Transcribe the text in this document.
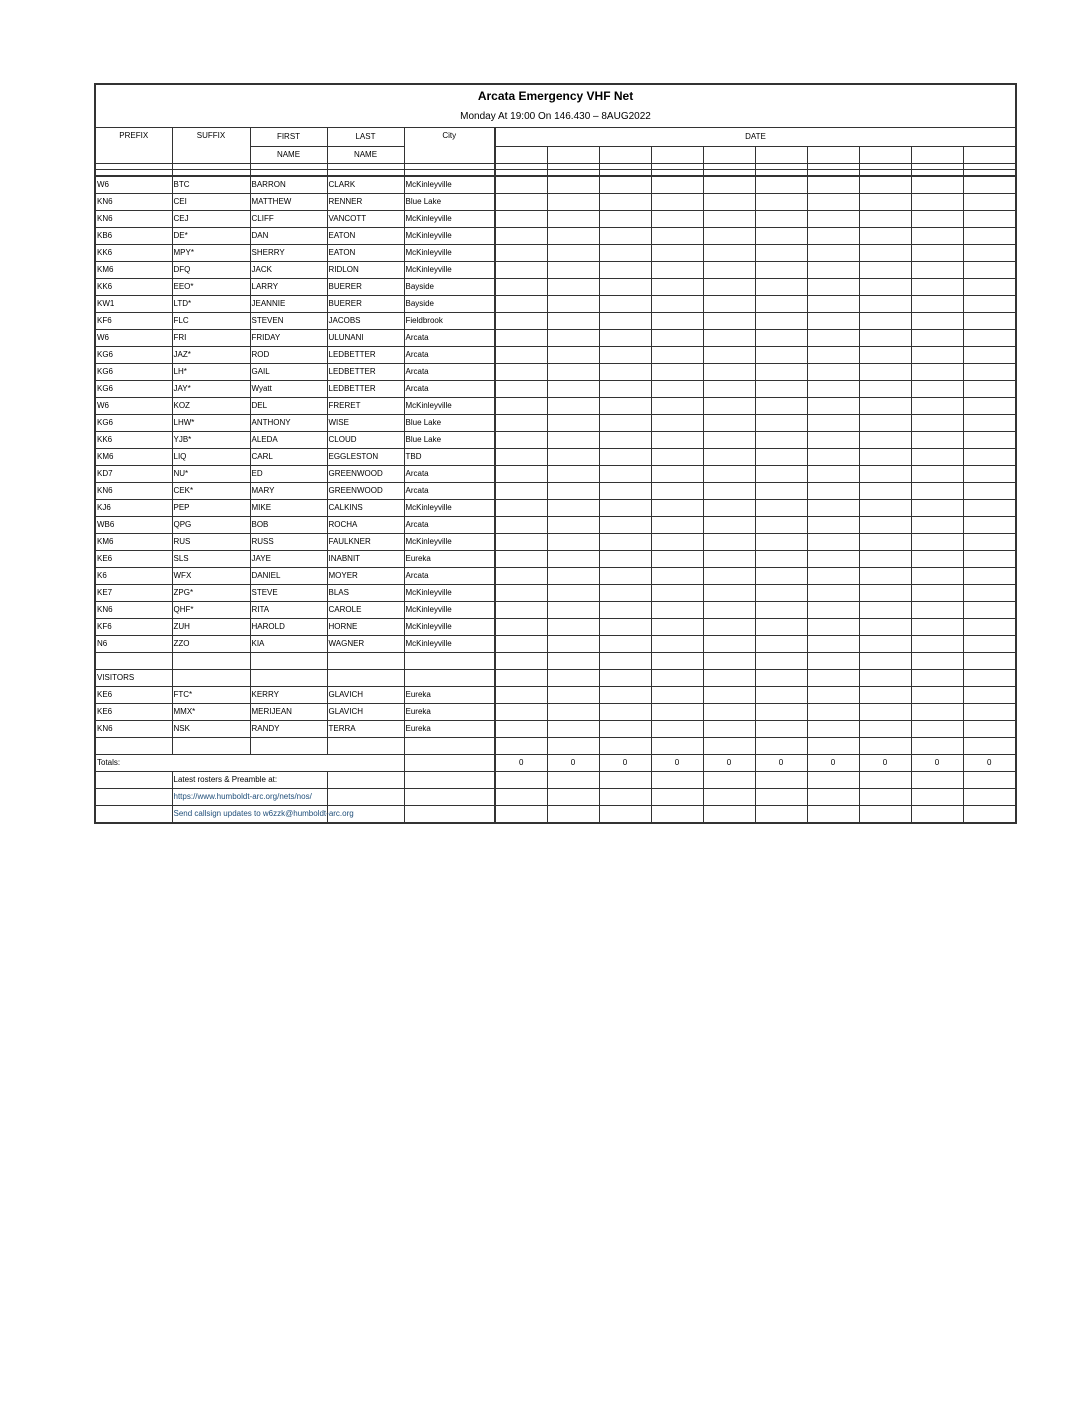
Arcata Emergency VHF Net														
Monday At 19:00 On 146.430 – 8AUG2022														
PREFIX	SUFFIX	FIRST	LAST	City	DATE									
		NAME	NAME											

W6	BTC	BARRON	CLARK	McKinleyville										
KN6	CEI	MATTHEW	RENNER	Blue Lake										
KN6	CEJ	CLIFF	VANCOTT	McKinleyville										
KB6	DE*	DAN	EATON	McKinleyville										
KK6	MPY*	SHERRY	EATON	McKinleyville										
KM6	DFQ	JACK	RIDLON	McKinleyville										
KK6	EEO*	LARRY	BUERER	Bayside										
KW1	LTD*	JEANNIE	BUERER	Bayside										
KF6	FLC	STEVEN	JACOBS	Fieldbrook										
W6	FRI	FRIDAY	ULUNANI	Arcata										
KG6	JAZ*	ROD	LEDBETTER	Arcata										
KG6	LH*	GAIL	LEDBETTER	Arcata										
KG6	JAY*	Wyatt	LEDBETTER	Arcata										
W6	KOZ	DEL	FRERET	McKinleyville										
KG6	LHW*	ANTHONY	WISE	Blue Lake										
KK6	YJB*	ALEDA	CLOUD	Blue Lake										
KM6	LIQ	CARL	EGGLESTON	TBD										
KD7	NU*	ED	GREENWOOD	Arcata										
KN6	CEK*	MARY	GREENWOOD	Arcata										
KJ6	PEP	MIKE	CALKINS	McKinleyville										
WB6	QPG	BOB	ROCHA	Arcata										
KM6	RUS	RUSS	FAULKNER	McKinleyville										
KE6	SLS	JAYE	INABNIT	Eureka										
K6	WFX	DANIEL	MOYER	Arcata										
KE7	ZPG*	STEVE	BLAS	McKinleyville										
KN6	QHF*	RITA	CAROLE	McKinleyville										
KF6	ZUH	HAROLD	HORNE	McKinleyville										
N6	ZZO	KIA	WAGNER	McKinleyville										

VISITORS														
KE6	FTC*	KERRY	GLAVICH	Eureka										
KE6	MMX*	MERIJEAN	GLAVICH	Eureka										
KN6	NSK	RANDY	TERRA	Eureka										

Totals:					0	0	0	0	0	0	0	0	0	0
	Latest rosters & Preamble at:													
	https://www.humboldt-arc.org/nets/nos/													
	Send callsign updates to w6zzk@humboldt-arc.org													
